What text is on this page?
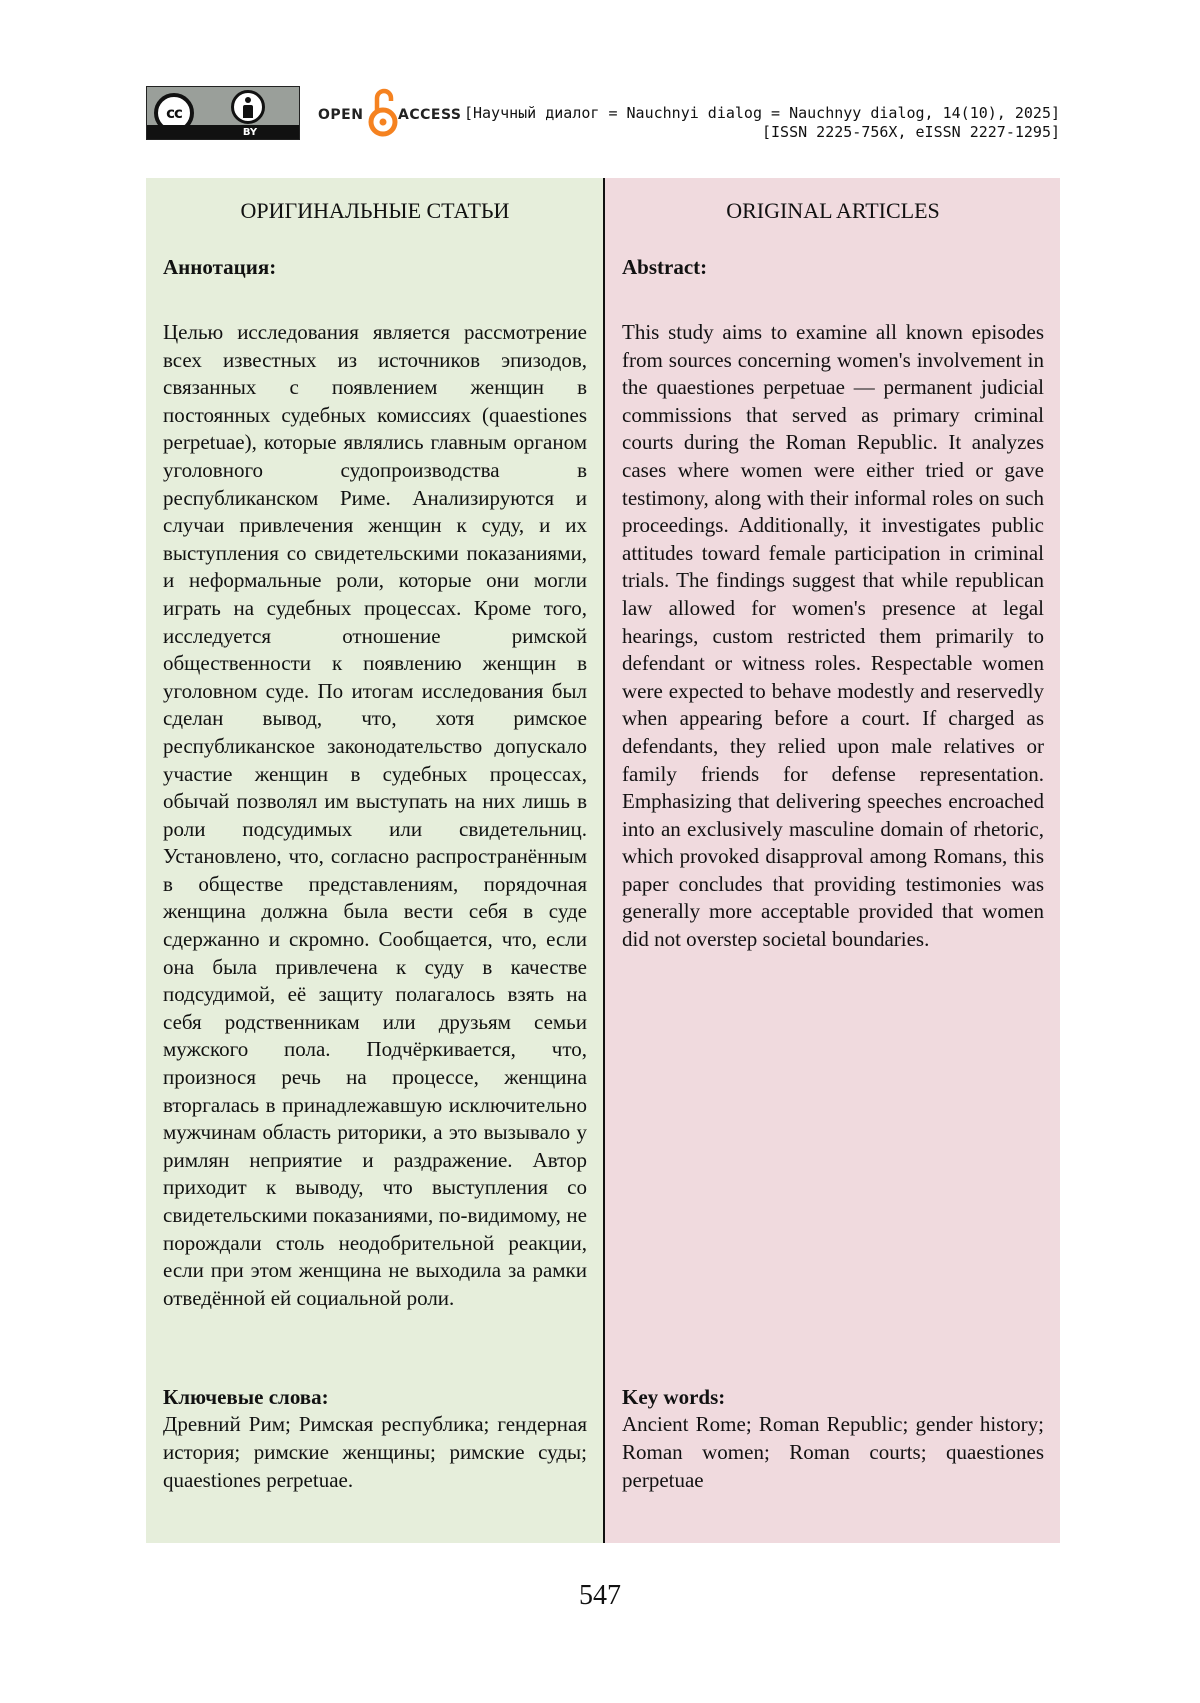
cc
BY
OPEN ACCESS [Научный диалог = Nauchnyi dialog = Nauchnyy dialog, 14(10), 2025]
[ISSN 2225-756X, eISSN 2227-1295]

ОРИГИНАЛЬНЫЕ СТАТЬИ

Аннотация:

Целью исследования является рассмотрение всех известных из источников эпизодов, связанных с появлением женщин в постоянных судебных комиссиях (quaestiones perpetuae), которые являлись главным органом уголовного судопроизводства в республиканском Риме. Анализируются и случаи привлечения женщин к суду, и их выступления со свидетельскими показаниями, и неформальные роли, которые они могли играть на судебных процессах. Кроме того, исследуется отношение римской общественности к появлению женщин в уголовном суде. По итогам исследования был сделан вывод, что, хотя римское республиканское законодательство допускало участие женщин в судебных процессах, обычай позволял им выступать на них лишь в роли подсудимых или свидетельниц. Установлено, что, согласно распространённым в обществе представлениям, порядочная женщина должна была вести себя в суде сдержанно и скромно. Сообщается, что, если она была привлечена к суду в качестве подсудимой, её защиту полагалось взять на себя родственникам или друзьям семьи мужского пола. Подчёркивается, что, произнося речь на процессе, женщина вторгалась в принадлежавшую исключительно мужчинам область риторики, а это вызывало у римлян неприятие и раздражение. Автор приходит к выводу, что выступления со свидетельскими показаниями, по-видимому, не порождали столь неодобрительной реакции, если при этом женщина не выходила за рамки отведённой ей социальной роли.

Ключевые слова:

Древний Рим; Римская республика; гендерная история; римские женщины; римские суды; quaestiones perpetuae.

ORIGINAL ARTICLES

Abstract:

This study aims to examine all known episodes from sources concerning women's involvement in the quaestiones perpetuae — permanent judicial commissions that served as primary criminal courts during the Roman Republic. It analyzes cases where women were either tried or gave testimony, along with their informal roles on such proceedings. Additionally, it investigates public attitudes toward female participation in criminal trials. The findings suggest that while republican law allowed for women's presence at legal hearings, custom restricted them primarily to defendant or witness roles. Respectable women were expected to behave modestly and reservedly when appearing before a court. If charged as defendants, they relied upon male relatives or family friends for defense representation. Emphasizing that delivering speeches encroached into an exclusively masculine domain of rhetoric, which provoked disapproval among Romans, this paper concludes that providing testimonies was generally more acceptable provided that women did not overstep societal boundaries.

Key words:

Ancient Rome; Roman Republic; gender history; Roman women; Roman courts; quaestiones perpetuae

547
